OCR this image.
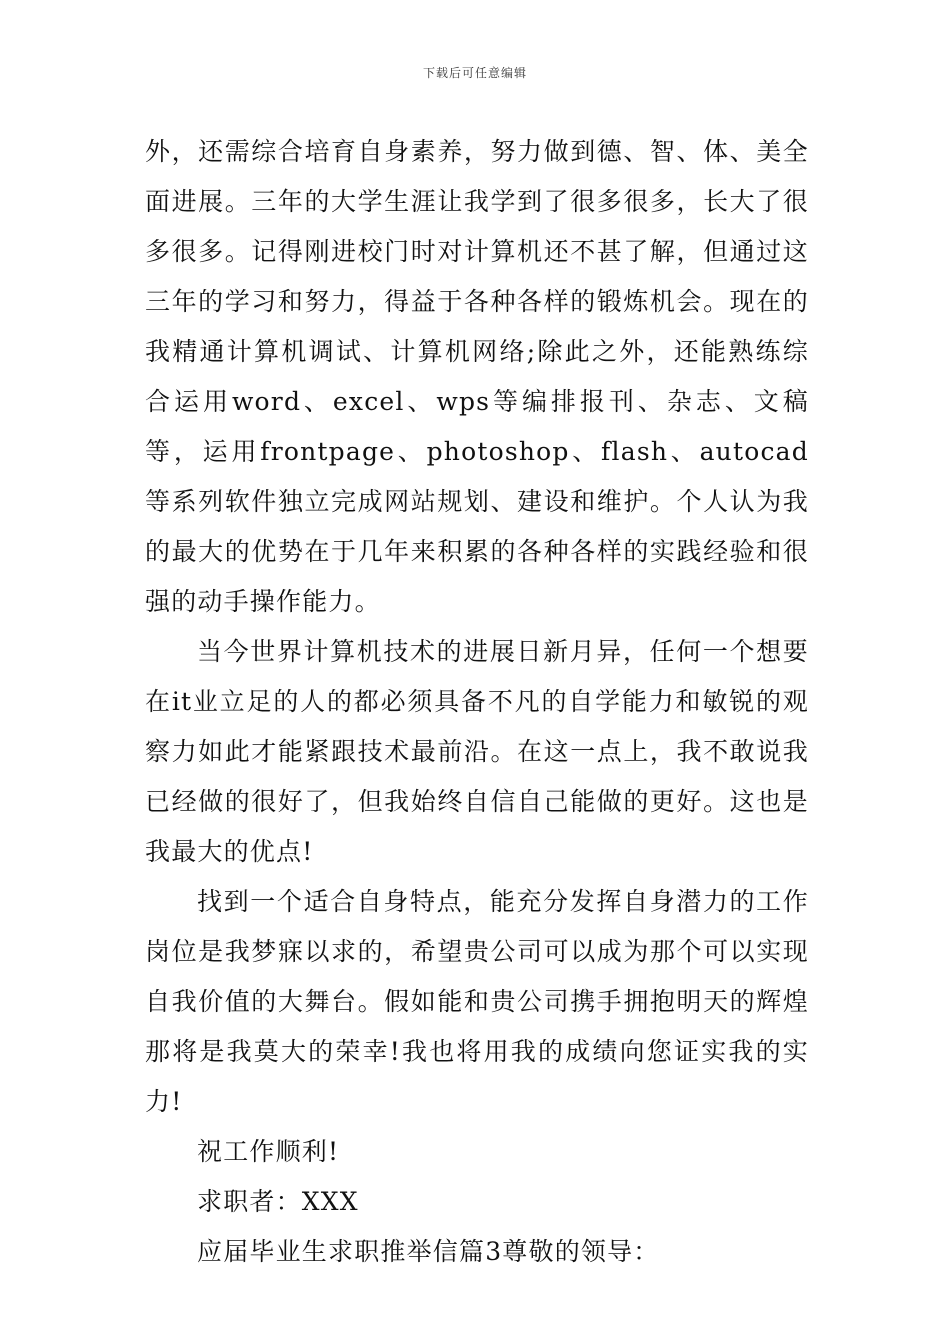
下载后可任意编辑

外，还需综合培育自身素养，努力做到德、智、体、美全面进展。三年的大学生涯让我学到了很多很多，长大了很多很多。记得刚进校门时对计算机还不甚了解，但通过这三年的学习和努力，得益于各种各样的锻炼机会。现在的我精通计算机调试、计算机网络;除此之外，还能熟练综合运用word、excel、wps等编排报刊、杂志、文稿等，运用frontpage、photoshop、flash、autocad等系列软件独立完成网站规划、建设和维护。个人认为我的最大的优势在于几年来积累的各种各样的实践经验和很强的动手操作能力。

当今世界计算机技术的进展日新月异，任何一个想要在it业立足的人的都必须具备不凡的自学能力和敏锐的观察力如此才能紧跟技术最前沿。在这一点上，我不敢说我已经做的很好了，但我始终自信自己能做的更好。这也是我最大的优点!

找到一个适合自身特点，能充分发挥自身潜力的工作岗位是我梦寐以求的，希望贵公司可以成为那个可以实现自我价值的大舞台。假如能和贵公司携手拥抱明天的辉煌那将是我莫大的荣幸!我也将用我的成绩向您证实我的实力!

祝工作顺利!

求职者：XXX

应届毕业生求职推举信篇3尊敬的领导：
